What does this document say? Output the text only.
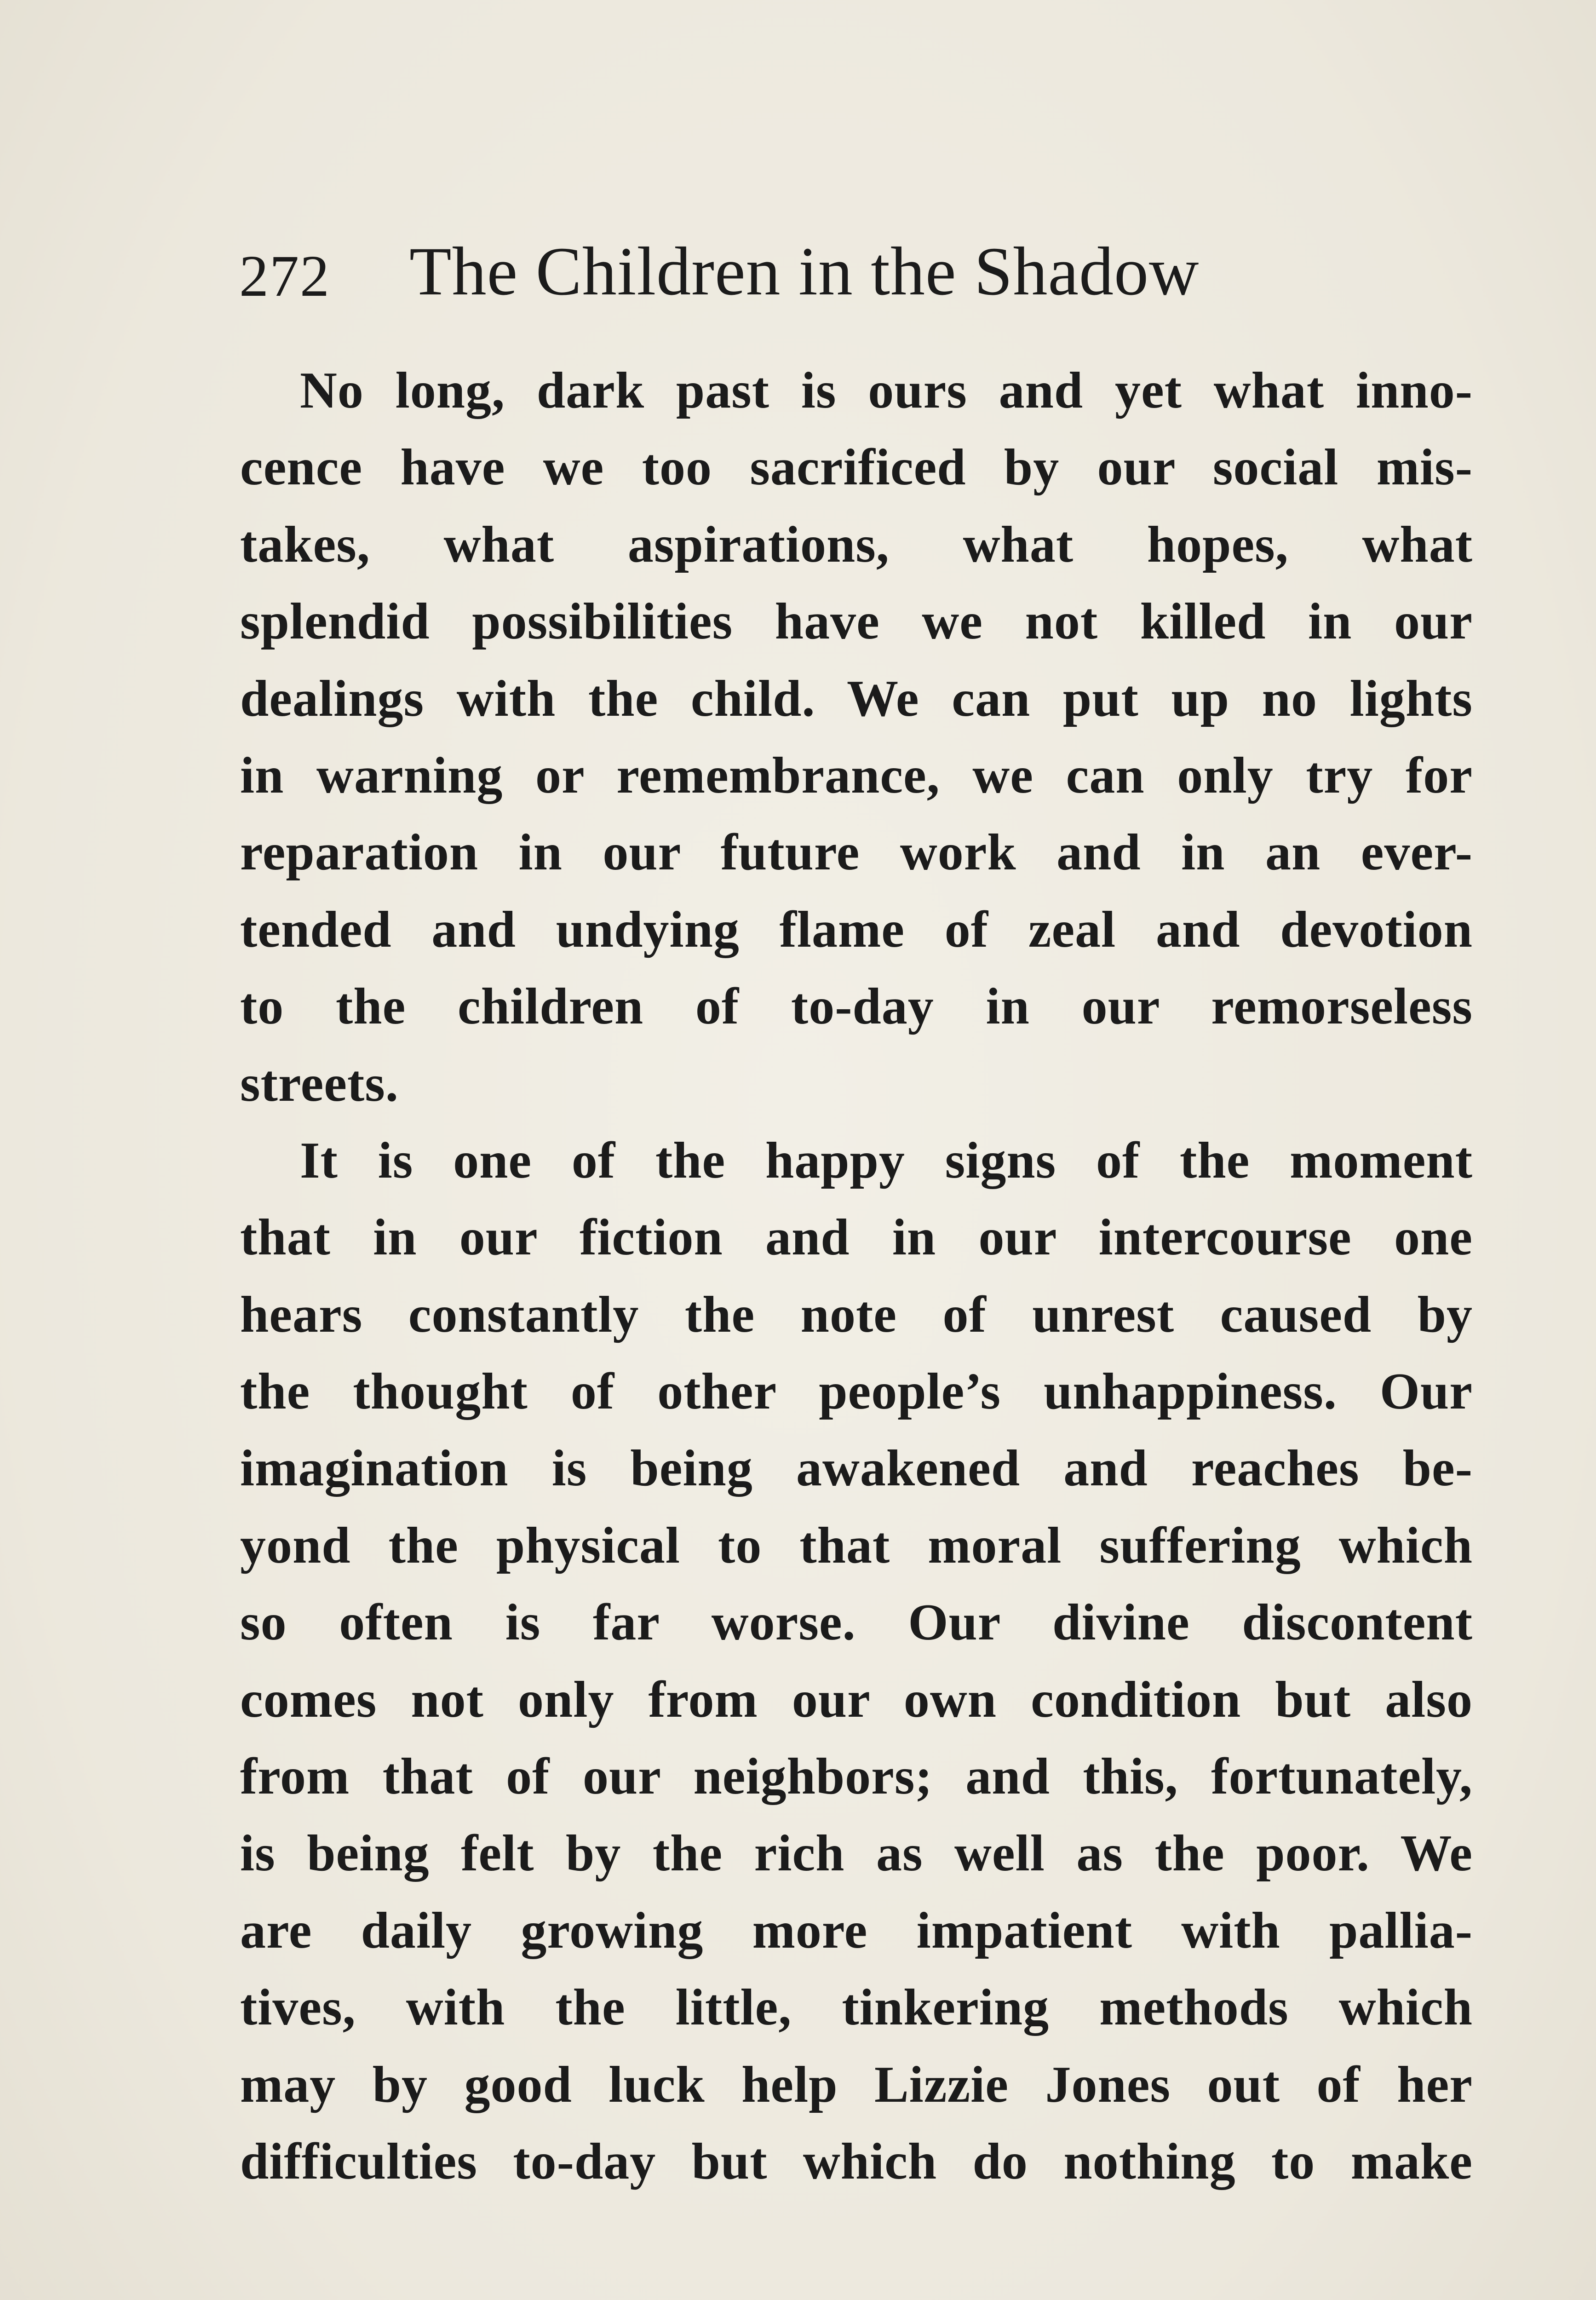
272 The Children in the Shadow
No long, dark past is ours and yet what inno-
cence have we too sacrificed by our social mis-
takes, what aspirations, what hopes, what
splendid possibilities have we not killed in our
dealings with the child. We can put up no lights
in warning or remembrance, we can only try for
reparation in our future work and in an ever-
tended and undying flame of zeal and devotion
to the children of to-day in our remorseless
streets.
It is one of the happy signs of the moment
that in our fiction and in our intercourse one
hears constantly the note of unrest caused by
the thought of other people’s unhappiness. Our
imagination is being awakened and reaches be-
yond the physical to that moral suffering which
so often is far worse. Our divine discontent
comes not only from our own condition but also
from that of our neighbors; and this, fortunately,
is being felt by the rich as well as the poor. We
are daily growing more impatient with pallia-
tives, with the little, tinkering methods which
may by good luck help Lizzie Jones out of her
difficulties to-day but which do nothing to make
